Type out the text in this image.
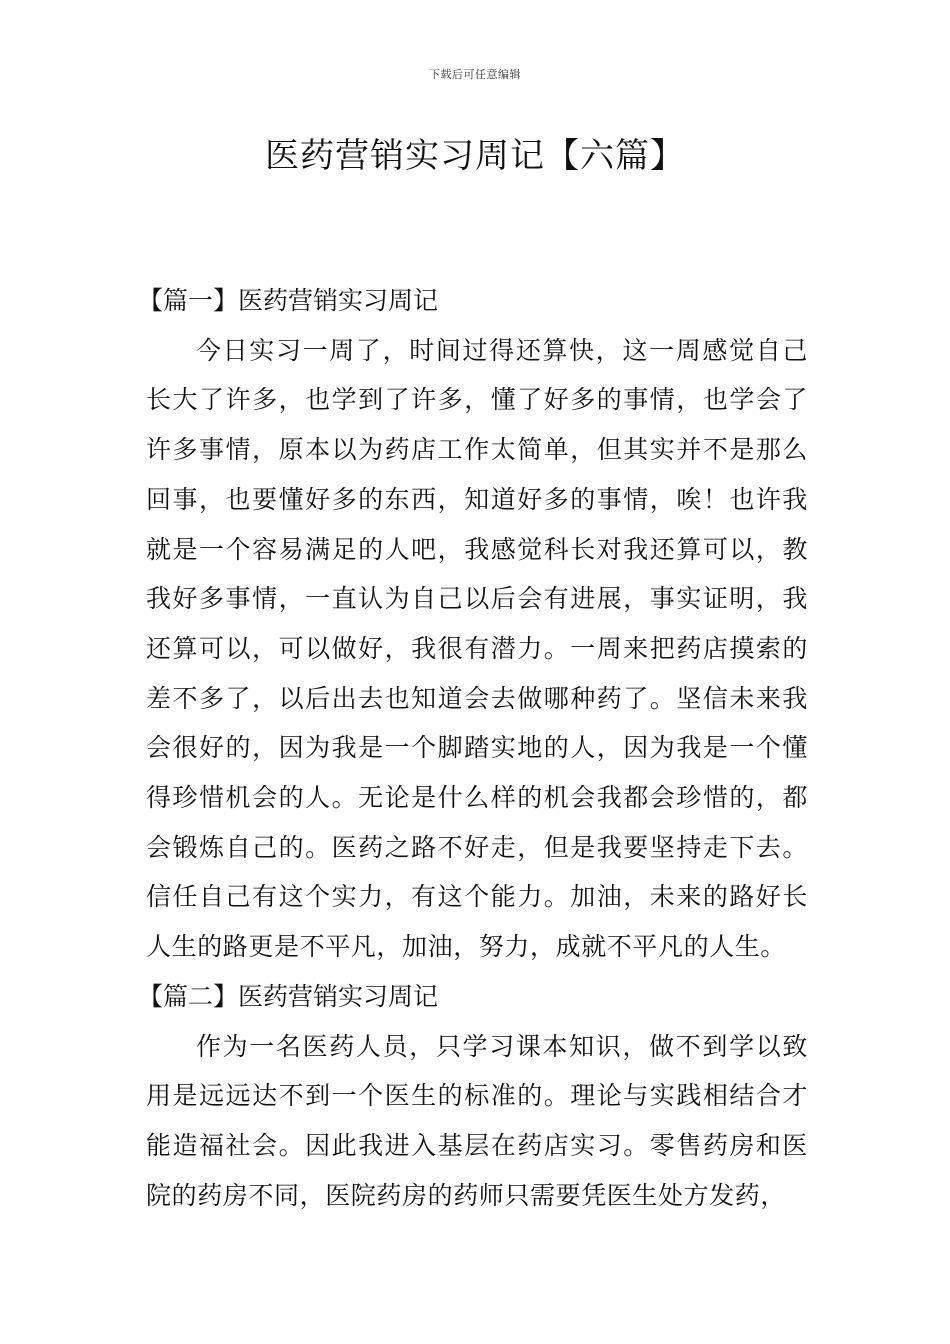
下载后可任意编辑
医药营销实习周记【六篇】

【篇一】医药营销实习周记

今日实习一周了，时间过得还算快，这一周感觉自己长大了许多，也学到了许多，懂了好多的事情，也学会了许多事情，原本以为药店工作太简单，但其实并不是那么回事，也要懂好多的东西，知道好多的事情，唉！也许我就是一个容易满足的人吧，我感觉科长对我还算可以，教我好多事情，一直认为自己以后会有进展，事实证明，我还算可以，可以做好，我很有潜力。一周来把药店摸索的差不多了，以后出去也知道会去做哪种药了。坚信未来我会很好的，因为我是一个脚踏实地的人，因为我是一个懂得珍惜机会的人。无论是什么样的机会我都会珍惜的，都会锻炼自己的。医药之路不好走，但是我要坚持走下去。信任自己有这个实力，有这个能力。加油，未来的路好长人生的路更是不平凡，加油，努力，成就不平凡的人生。

【篇二】医药营销实习周记

作为一名医药人员，只学习课本知识，做不到学以致用是远远达不到一个医生的标准的。理论与实践相结合才能造福社会。因此我进入基层在药店实习。零售药房和医院的药房不同，医院药房的药师只需要凭医生处方发药，
